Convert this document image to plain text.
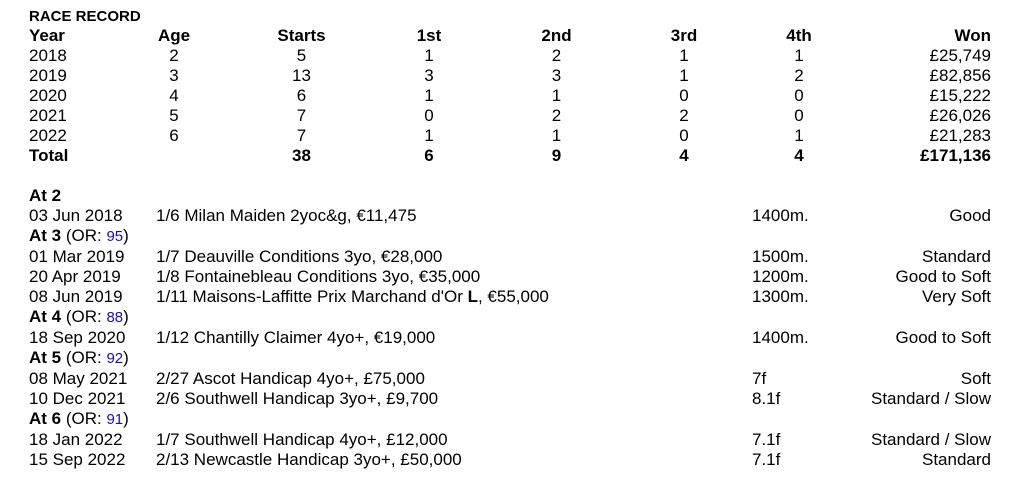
RACE RECORD
Year	Age	Starts	1st	2nd	3rd	4th	Won
2018	2	5	1	2	1	1	£25,749
2019	3	13	3	3	1	2	£82,856
2020	4	6	1	1	0	0	£15,222
2021	5	7	0	2	2	0	£26,026
2022	6	7	1	1	0	1	£21,283
Total		38	6	9	4	4	£171,136
At 2			
03 Jun 2018	1/6 Milan Maiden 2yoc&g, €11,475	1400m.	Good
At 3 (OR: 95)			
01 Mar 2019	1/7 Deauville Conditions 3yo, €28,000	1500m.	Standard
20 Apr 2019	1/8 Fontainebleau Conditions 3yo, €35,000	1200m.	Good to Soft
08 Jun 2019	1/11 Maisons-Laffitte Prix Marchand d'Or L, €55,000	1300m.	Very Soft
At 4 (OR: 88)			
18 Sep 2020	1/12 Chantilly Claimer 4yo+, €19,000	1400m.	Good to Soft
At 5 (OR: 92)			
08 May 2021	2/27 Ascot Handicap 4yo+, £75,000	7f	Soft
10 Dec 2021	2/6 Southwell Handicap 3yo+, £9,700	8.1f	Standard / Slow
At 6 (OR: 91)			
18 Jan 2022	1/7 Southwell Handicap 4yo+, £12,000	7.1f	Standard / Slow
15 Sep 2022	2/13 Newcastle Handicap 3yo+, £50,000	7.1f	Standard
